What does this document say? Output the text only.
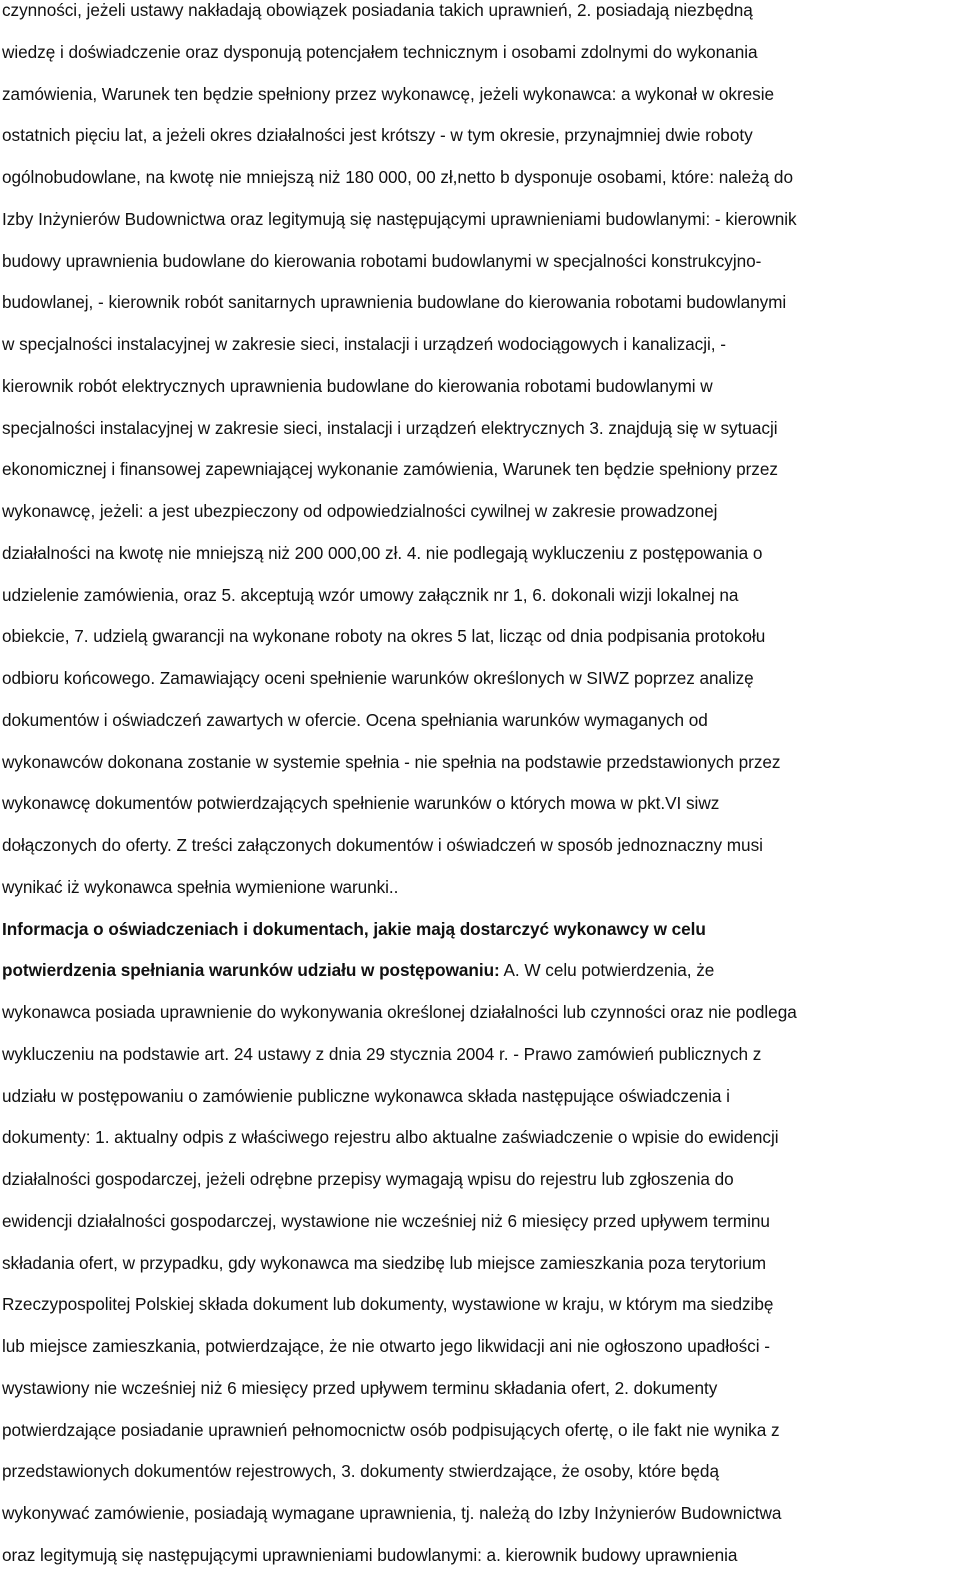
czynności, jeżeli ustawy nakładają obowiązek posiadania takich uprawnień, 2. posiadają niezbędną
wiedzę i doświadczenie oraz dysponują potencjałem technicznym i osobami zdolnymi do wykonania
zamówienia, Warunek ten będzie spełniony przez wykonawcę, jeżeli wykonawca: a wykonał w okresie
ostatnich pięciu lat, a jeżeli okres działalności jest krótszy - w tym okresie, przynajmniej dwie roboty
ogólnobudowlane, na kwotę nie mniejszą niż 180 000, 00 zł,netto b dysponuje osobami, które: należą do
Izby Inżynierów Budownictwa oraz legitymują się następującymi uprawnieniami budowlanymi: - kierownik
budowy uprawnienia budowlane do kierowania robotami budowlanymi w specjalności konstrukcyjno-
budowlanej, - kierownik robót sanitarnych uprawnienia budowlane do kierowania robotami budowlanymi
w specjalności instalacyjnej w zakresie sieci, instalacji i urządzeń wodociągowych i kanalizacji, -
kierownik robót elektrycznych uprawnienia budowlane do kierowania robotami budowlanymi w
specjalności instalacyjnej w zakresie sieci, instalacji i urządzeń elektrycznych 3. znajdują się w sytuacji
ekonomicznej i finansowej zapewniającej wykonanie zamówienia, Warunek ten będzie spełniony przez
wykonawcę, jeżeli: a jest ubezpieczony od odpowiedzialności cywilnej w zakresie prowadzonej
działalności na kwotę nie mniejszą niż 200 000,00 zł. 4. nie podlegają wykluczeniu z postępowania o
udzielenie zamówienia, oraz 5. akceptują wzór umowy załącznik nr 1, 6. dokonali wizji lokalnej na
obiekcie, 7. udzielą gwarancji na wykonane roboty na okres 5 lat, licząc od dnia podpisania protokołu
odbioru końcowego. Zamawiający oceni spełnienie warunków określonych w SIWZ poprzez analizę
dokumentów i oświadczeń zawartych w ofercie. Ocena spełniania warunków wymaganych od
wykonawców dokonana zostanie w systemie spełnia - nie spełnia na podstawie przedstawionych przez
wykonawcę dokumentów potwierdzających spełnienie warunków o których mowa w pkt.VI siwz
dołączonych do oferty. Z treści załączonych dokumentów i oświadczeń w sposób jednoznaczny musi
wynikać iż wykonawca spełnia wymienione warunki..
Informacja o oświadczeniach i dokumentach, jakie mają dostarczyć wykonawcy w celu
potwierdzenia spełniania warunków udziału w postępowaniu: A. W celu potwierdzenia, że
wykonawca posiada uprawnienie do wykonywania określonej działalności lub czynności oraz nie podlega
wykluczeniu na podstawie art. 24 ustawy z dnia 29 stycznia 2004 r. - Prawo zamówień publicznych z
udziału w postępowaniu o zamówienie publiczne wykonawca składa następujące oświadczenia i
dokumenty: 1. aktualny odpis z właściwego rejestru albo aktualne zaświadczenie o wpisie do ewidencji
działalności gospodarczej, jeżeli odrębne przepisy wymagają wpisu do rejestru lub zgłoszenia do
ewidencji działalności gospodarczej, wystawione nie wcześniej niż 6 miesięcy przed upływem terminu
składania ofert, w przypadku, gdy wykonawca ma siedzibę lub miejsce zamieszkania poza terytorium
Rzeczypospolitej Polskiej składa dokument lub dokumenty, wystawione w kraju, w którym ma siedzibę
lub miejsce zamieszkania, potwierdzające, że nie otwarto jego likwidacji ani nie ogłoszono upadłości -
wystawiony nie wcześniej niż 6 miesięcy przed upływem terminu składania ofert, 2. dokumenty
potwierdzające posiadanie uprawnień pełnomocnictw osób podpisujących ofertę, o ile fakt nie wynika z
przedstawionych dokumentów rejestrowych, 3. dokumenty stwierdzające, że osoby, które będą
wykonywać zamówienie, posiadają wymagane uprawnienia, tj. należą do Izby Inżynierów Budownictwa
oraz legitymują się następującymi uprawnieniami budowlanymi: a. kierownik budowy uprawnienia
